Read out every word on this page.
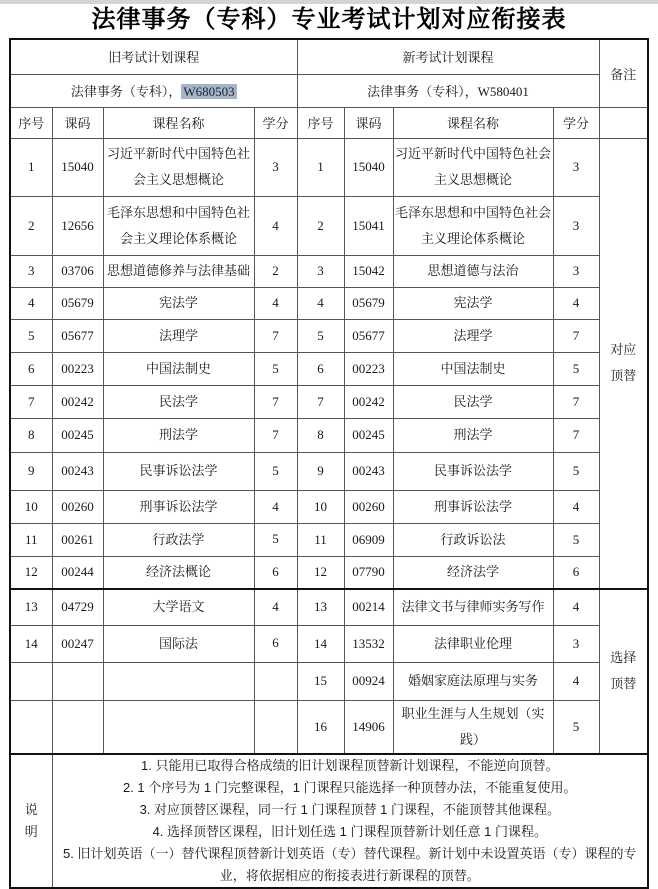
法律事务（专科）专业考试计划对应衔接表
旧考试计划课程				新考试计划课程				备注
法律事务（专科）， W680503				法律事务（专科），W580401				
序号	课码	课程名称	学分	序号	课码	课程名称	学分	
1	15040	习近平新时代中国特色社会主义思想概论	3	1	15040	习近平新时代中国特色社会主义思想概论	3	对应顶替
2	12656	毛泽东思想和中国特色社会主义理论体系概论	4	2	15041	毛泽东思想和中国特色社会主义理论体系概论	3	
3	03706	思想道德修养与法律基础	2	3	15042	思想道德与法治	3	
4	05679	宪法学	4	4	05679	宪法学	4	
5	05677	法理学	7	5	05677	法理学	7	
6	00223	中国法制史	5	6	00223	中国法制史	5	
7	00242	民法学	7	7	00242	民法学	7	
8	00245	刑法学	7	8	00245	刑法学	7	
9	00243	民事诉讼法学	5	9	00243	民事诉讼法学	5	
10	00260	刑事诉讼法学	4	10	00260	刑事诉讼法学	4	
11	00261	行政法学	5	11	06909	行政诉讼法	5	
12	00244	经济法概论	6	12	07790	经济法学	6	
13	04729	大学语文	4	13	00214	法律文书与律师实务写作	4	选择顶替
14	00247	国际法	6	14	13532	法律职业伦理	3	
				15	00924	婚姻家庭法原理与实务	4	
				16	14906	职业生涯与人生规划（实践）	5	
说明	1. 只能用已取得合格成绩的旧计划课程顶替新计划课程，不能逆向顶替。
2. 1 个序号为 1 门完整课程，1 门课程只能选择一种顶替办法，不能重复使用。
3. 对应顶替区课程，同一行 1 门课程顶替 1 门课程，不能顶替其他课程。
4. 选择顶替区课程，旧计划任选 1 门课程顶替新计划任意 1 门课程。
5. 旧计划英语（一）替代课程顶替新计划英语（专）替代课程。新计划中未设置英语（专）课程的专业，将依据相应的衔接表进行新课程的顶替。							
